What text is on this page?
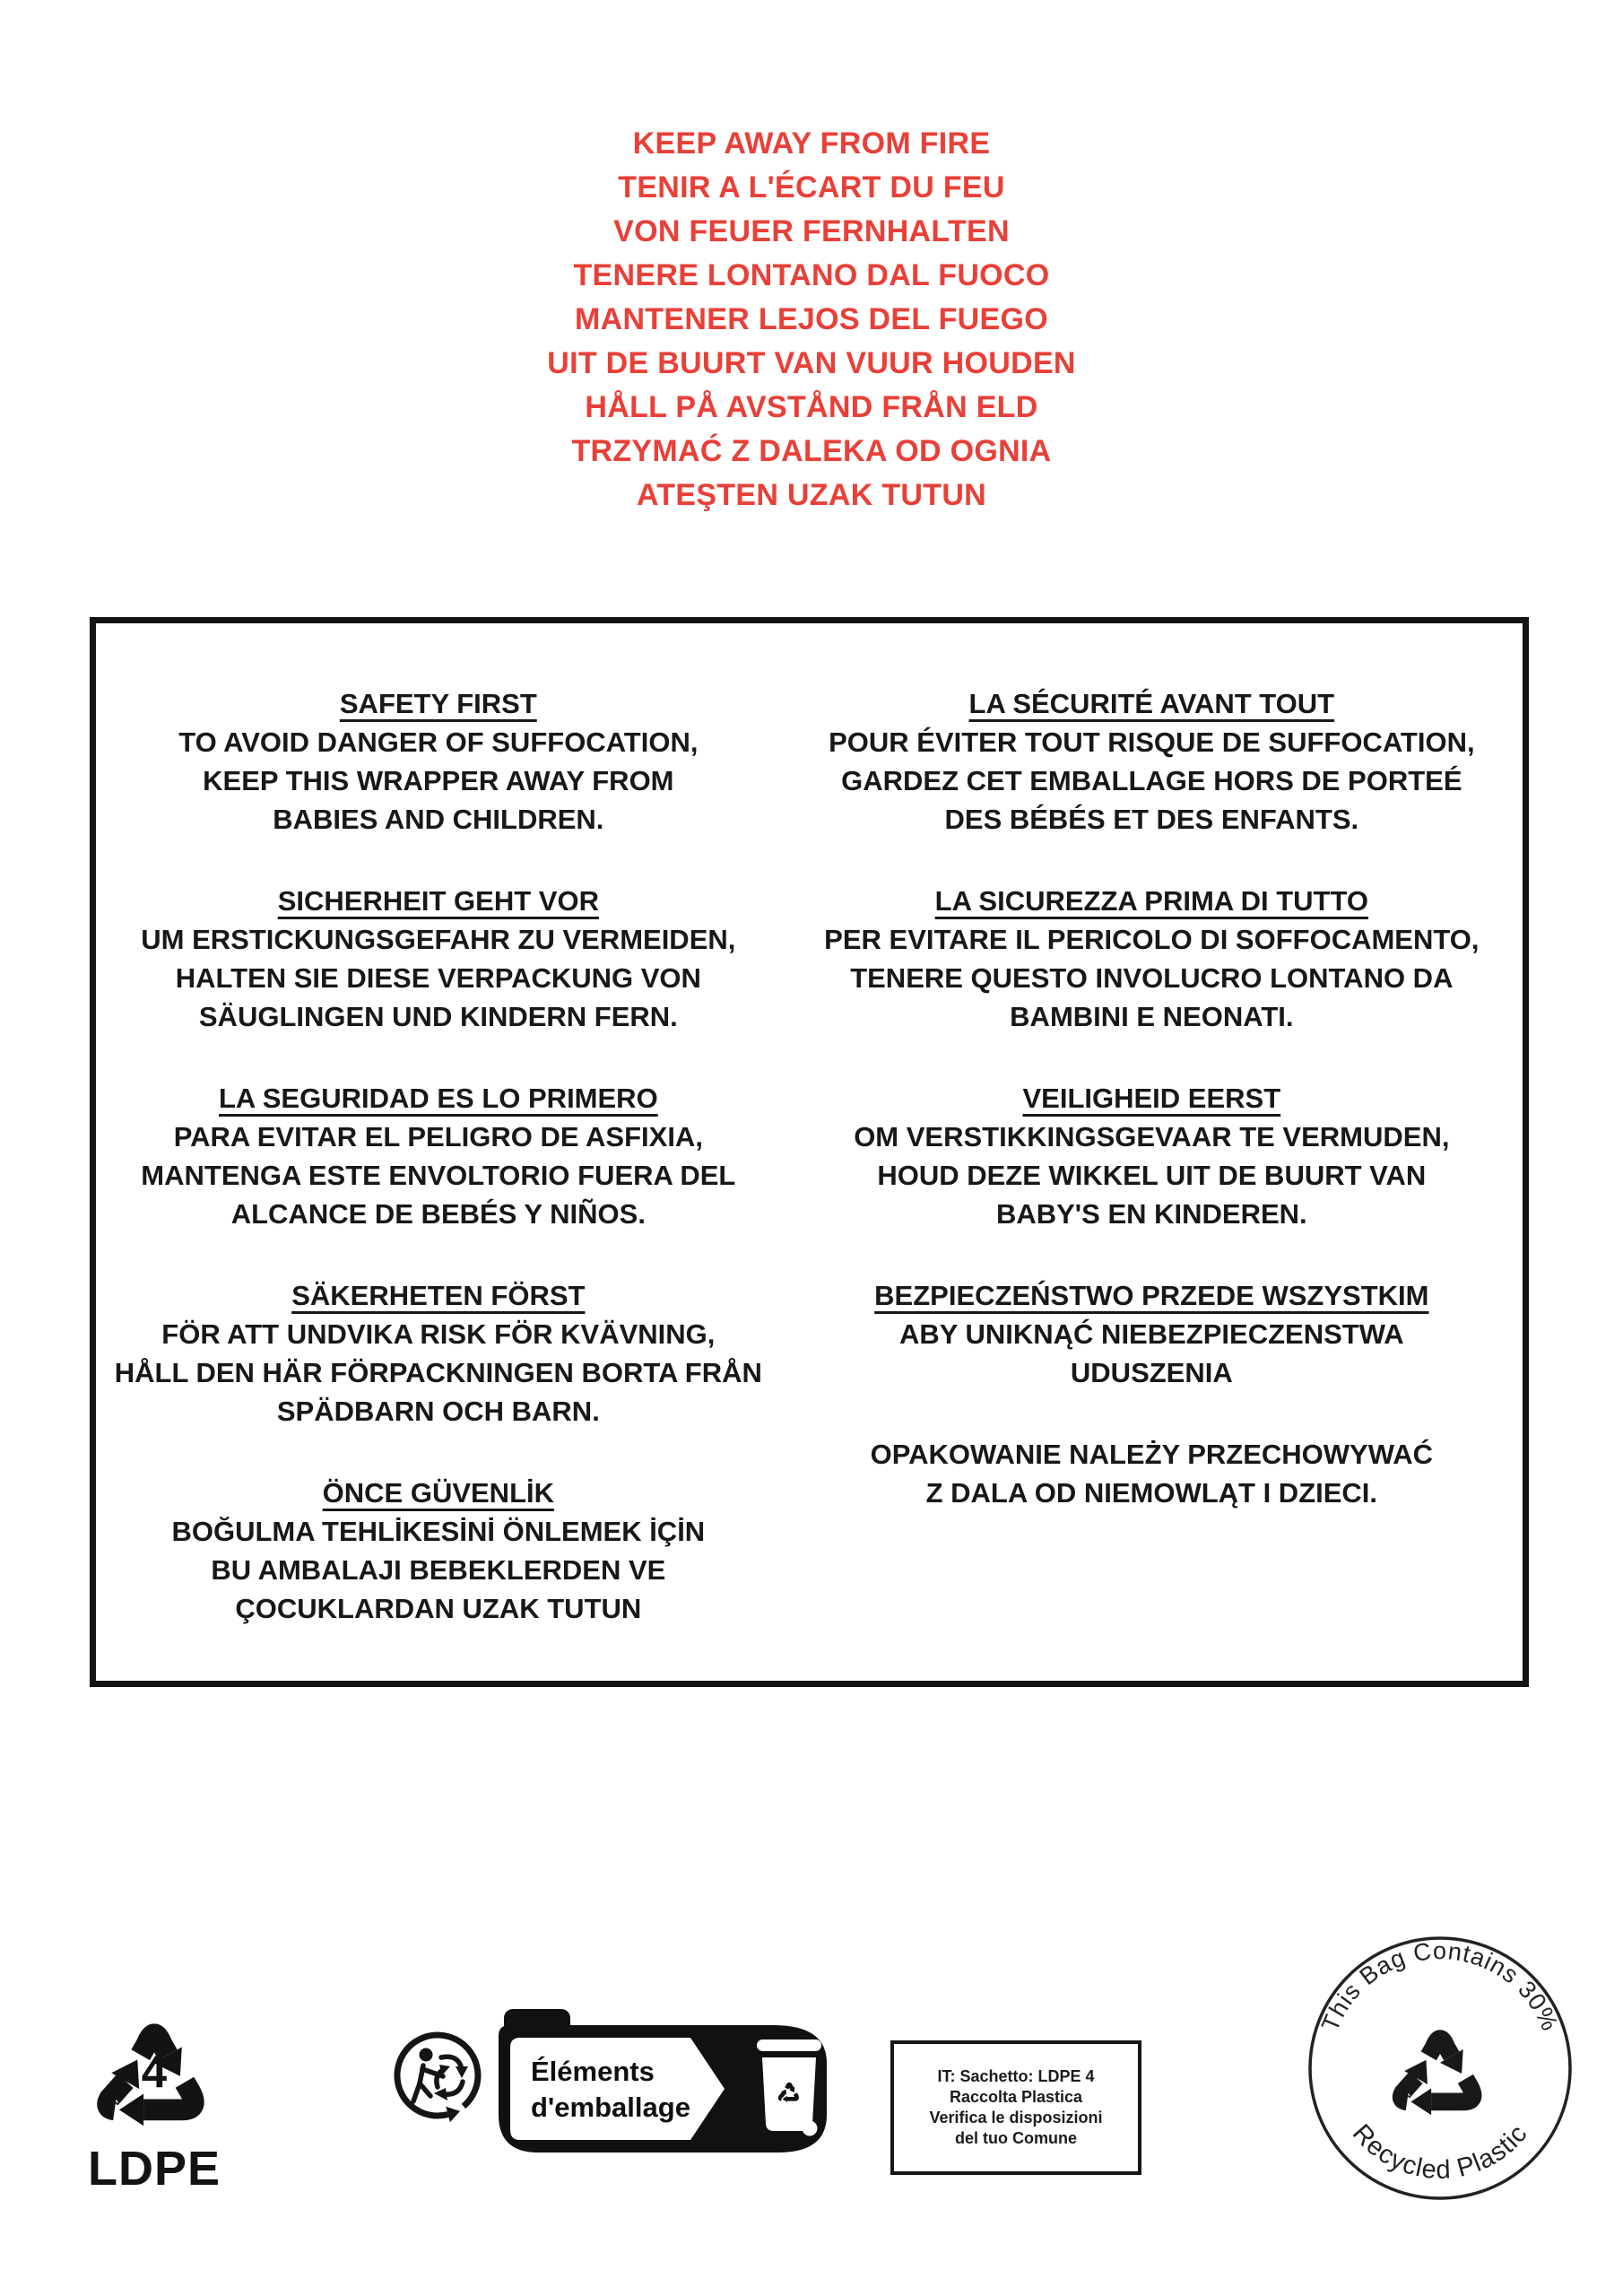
KEEP AWAY FROM FIRE
TENIR A L'ÉCART DU FEU
VON FEUER FERNHALTEN
TENERE LONTANO DAL FUOCO
MANTENER LEJOS DEL FUEGO
UIT DE BUURT VAN VUUR HOUDEN
HÅLL PÅ AVSTÅND FRÅN ELD
TRZYMAĆ Z DALEKA OD OGNIA
ATEŞTEN UZAK TUTUN
SAFETY FIRST
TO AVOID DANGER OF SUFFOCATION,
KEEP THIS WRAPPER AWAY FROM
BABIES AND CHILDREN.
SICHERHEIT GEHT VOR
UM ERSTICKUNGSGEFAHR ZU VERMEIDEN,
HALTEN SIE DIESE VERPACKUNG VON
SÄUGLINGEN UND KINDERN FERN.
LA SEGURIDAD ES LO PRIMERO
PARA EVITAR EL PELIGRO DE ASFIXIA,
MANTENGA ESTE ENVOLTORIO FUERA DEL
ALCANCE DE BEBÉS Y NIÑOS.
SÄKERHETEN FÖRST
FÖR ATT UNDVIKA RISK FÖR KVÄVNING,
HÅLL DEN HÄR FÖRPACKNINGEN BORTA FRÅN
SPÄDBARN OCH BARN.
ÖNCE GÜVENLİK
BOĞULMA TEHLİKESİNİ ÖNLEMEK İÇİN
BU AMBALAJI BEBEKLERDEN VE
ÇOCUKLARDAN UZAK TUTUN
LA SÉCURITÉ AVANT TOUT
POUR ÉVITER TOUT RISQUE DE SUFFOCATION,
GARDEZ CET EMBALLAGE HORS DE PORTEÉ
DES BÉBÉS ET DES ENFANTS.
LA SICUREZZA PRIMA DI TUTTO
PER EVITARE IL PERICOLO DI SOFFOCAMENTO,
TENERE QUESTO INVOLUCRO LONTANO DA
BAMBINI E NEONATI.
VEILIGHEID EERST
OM VERSTIKKINGSGEVAAR TE VERMUDEN,
HOUD DEZE WIKKEL UIT DE BUURT VAN
BABY'S EN KINDEREN.
BEZPIECZEŃSTWO PRZEDE WSZYSTKIM
ABY UNIKNĄĆ NIEBEZPIECZENSTWA
UDUSZENIA
OPAKOWANIE NALEŻY PRZECHOWYWAĆ
Z DALA OD NIEMOWLĄT I DZIECI.
4
LDPE
Éléments
d'emballage
IT: Sachetto: LDPE 4
Raccolta Plastica
Verifica le disposizioni
del tuo Comune
This Bag Contains 30%
Recycled Plastic
